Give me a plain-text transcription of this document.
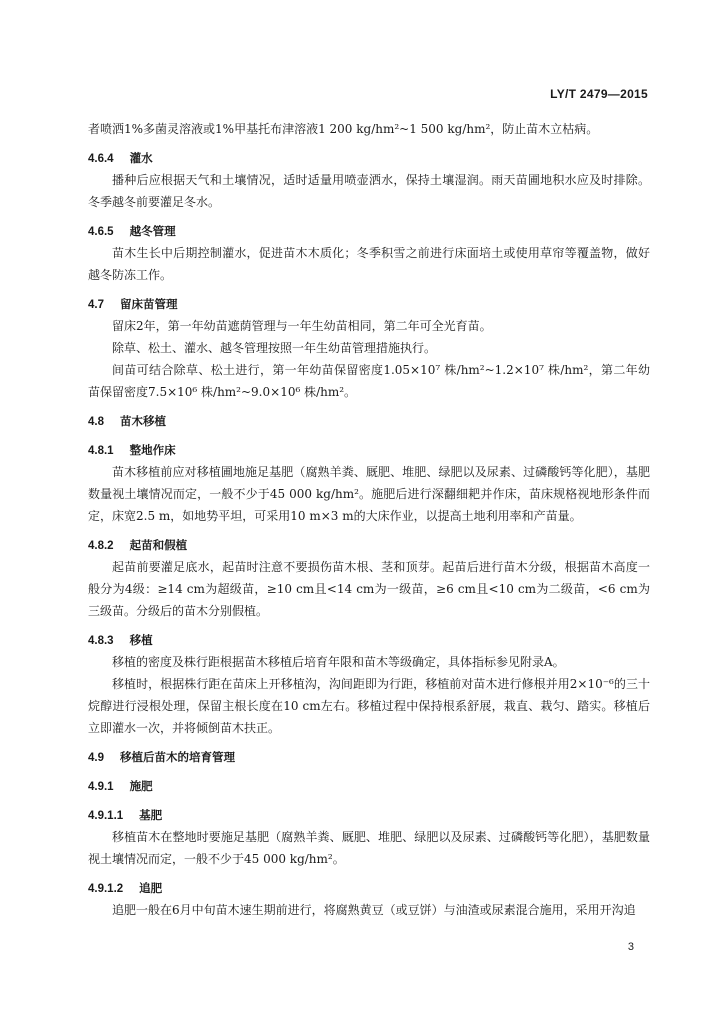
LY/T 2479—2015

者喷洒1%多菌灵溶液或1%甲基托布津溶液1 200 kg/hm²~1 500 kg/hm²，防止苗木立枯病。

4.6.4 灌水

播种后应根据天气和土壤情况，适时适量用喷壶洒水，保持土壤湿润。雨天苗圃地积水应及时排除。冬季越冬前要灌足冬水。

4.6.5 越冬管理

苗木生长中后期控制灌水，促进苗木木质化；冬季积雪之前进行床面培土或使用草帘等覆盖物，做好越冬防冻工作。

4.7 留床苗管理

留床2年，第一年幼苗遮荫管理与一年生幼苗相同，第二年可全光育苗。

除草、松土、灌水、越冬管理按照一年生幼苗管理措施执行。

间苗可结合除草、松土进行，第一年幼苗保留密度1.05×10⁷ 株/hm²~1.2×10⁷ 株/hm²，第二年幼苗保留密度7.5×10⁶ 株/hm²~9.0×10⁶ 株/hm²。

4.8 苗木移植
4.8.1 整地作床

苗木移植前应对移植圃地施足基肥（腐熟羊粪、厩肥、堆肥、绿肥以及尿素、过磷酸钙等化肥），基肥数量视土壤情况而定，一般不少于45 000 kg/hm²。施肥后进行深翻细耙并作床，苗床规格视地形条件而定，床宽2.5 m，如地势平坦，可采用10 m×3 m的大床作业，以提高土地利用率和产苗量。

4.8.2 起苗和假植

起苗前要灌足底水，起苗时注意不要损伤苗木根、茎和顶芽。起苗后进行苗木分级，根据苗木高度一般分为4级：≥14 cm为超级苗，≥10 cm且<14 cm为一级苗，≥6 cm且<10 cm为二级苗，<6 cm为三级苗。分级后的苗木分别假植。

4.8.3 移植

移植的密度及株行距根据苗木移植后培育年限和苗木等级确定，具体指标参见附录A。

移植时，根据株行距在苗床上开移植沟，沟间距即为行距，移植前对苗木进行修根并用2×10⁻⁶的三十烷醇进行浸根处理，保留主根长度在10 cm左右。移植过程中保持根系舒展，栽直、栽匀、踏实。移植后立即灌水一次，并将倾倒苗木扶正。

4.9 移植后苗木的培育管理
4.9.1 施肥
4.9.1.1 基肥

移植苗木在整地时要施足基肥（腐熟羊粪、厩肥、堆肥、绿肥以及尿素、过磷酸钙等化肥），基肥数量视土壤情况而定，一般不少于45 000 kg/hm²。

4.9.1.2 追肥

追肥一般在6月中旬苗木速生期前进行，将腐熟黄豆（或豆饼）与油渣或尿素混合施用，采用开沟追

3
